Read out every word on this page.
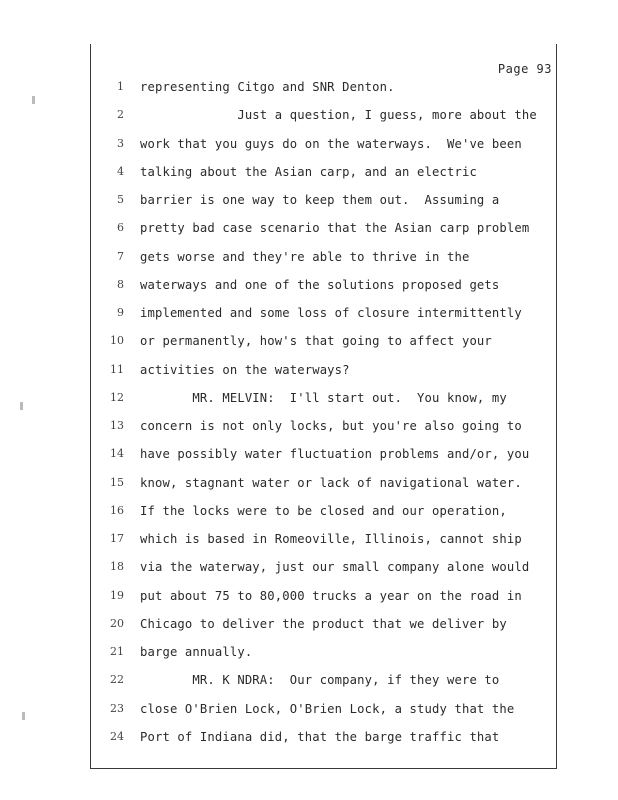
Page 93
1 representing Citgo and SNR Denton.
2 Just a question, I guess, more about the
3 work that you guys do on the waterways.  We've been
4 talking about the Asian carp, and an electric
5 barrier is one way to keep them out.  Assuming a
6 pretty bad case scenario that the Asian carp problem
7 gets worse and they're able to thrive in the
8 waterways and one of the solutions proposed gets
9 implemented and some loss of closure intermittently
10 or permanently, how's that going to affect your
11 activities on the waterways?
12 MR. MELVIN:  I'll start out.  You know, my
13 concern is not only locks, but you're also going to
14 have possibly water fluctuation problems and/or, you
15 know, stagnant water or lack of navigational water.
16 If the locks were to be closed and our operation,
17 which is based in Romeoville, Illinois, cannot ship
18 via the waterway, just our small company alone would
19 put about 75 to 80,000 trucks a year on the road in
20 Chicago to deliver the product that we deliver by
21 barge annually.
22 MR. K NDRA:  Our company, if they were to
23 close O'Brien Lock, O'Brien Lock, a study that the
24 Port of Indiana did, that the barge traffic that
